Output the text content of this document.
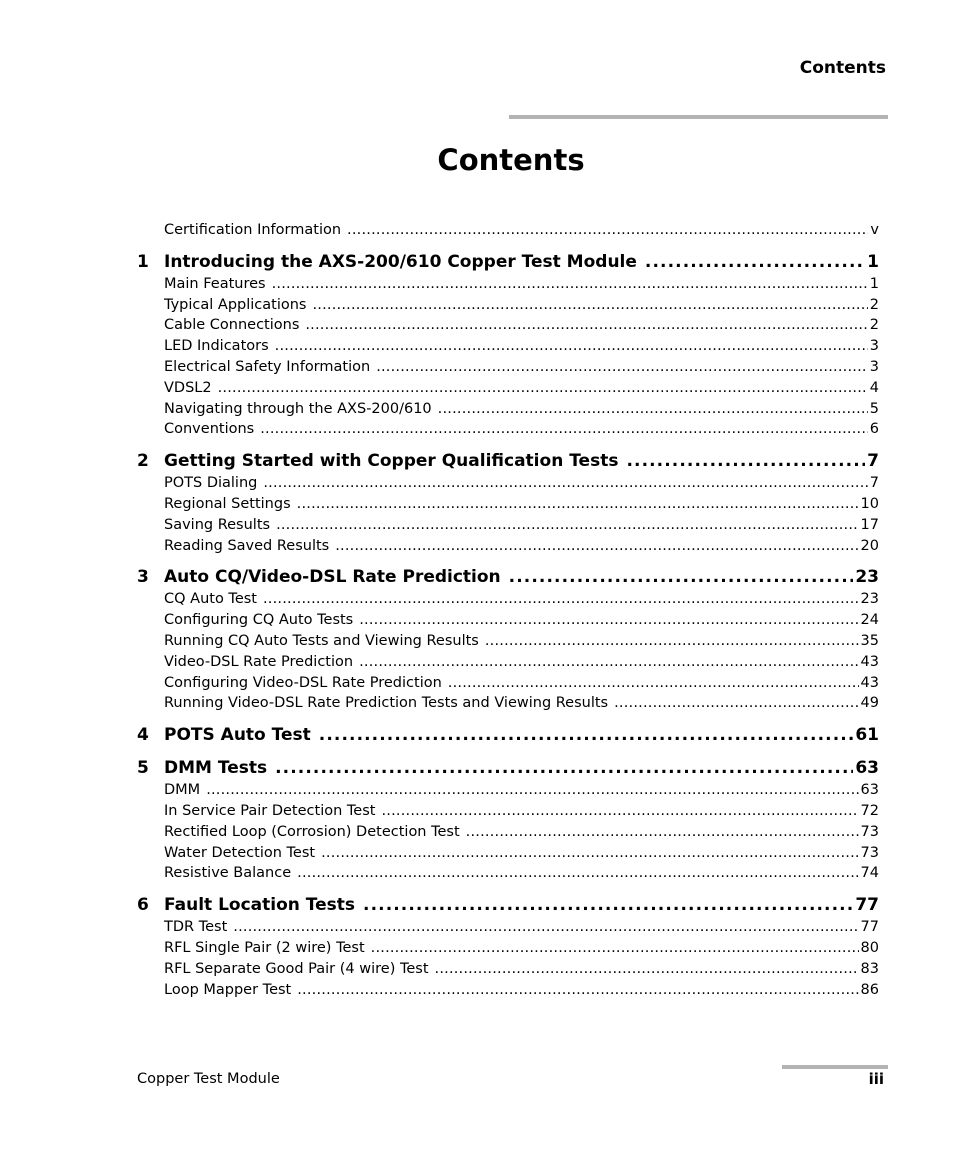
Contents
Contents
Certification Information .....	v
1 Introducing the AXS-200/610 Copper Test Module .....	1
Main Features .....	1
Typical Applications .....	2
Cable Connections .....	2
LED Indicators .....	3
Electrical Safety Information .....	3
VDSL2 .....	4
Navigating through the AXS-200/610 .....	5
Conventions .....	6
2 Getting Started with Copper Qualification Tests .....	7
POTS Dialing .....	7
Regional Settings .....	10
Saving Results .....	17
Reading Saved Results .....	20
3 Auto CQ/Video-DSL Rate Prediction .....	23
CQ Auto Test .....	23
Configuring CQ Auto Tests .....	24
Running CQ Auto Tests and Viewing Results .....	35
Video-DSL Rate Prediction .....	43
Configuring Video-DSL Rate Prediction .....	43
Running Video-DSL Rate Prediction Tests and Viewing Results .....	49
4 POTS Auto Test .....	61
5 DMM Tests .....	63
DMM .....	63
In Service Pair Detection Test .....	72
Rectified Loop (Corrosion) Detection Test .....	73
Water Detection Test .....	73
Resistive Balance .....	74
6 Fault Location Tests .....	77
TDR Test .....	77
RFL Single Pair (2 wire) Test .....	80
RFL Separate Good Pair (4 wire) Test .....	83
Loop Mapper Test .....	86
Copper Test Module	iii
